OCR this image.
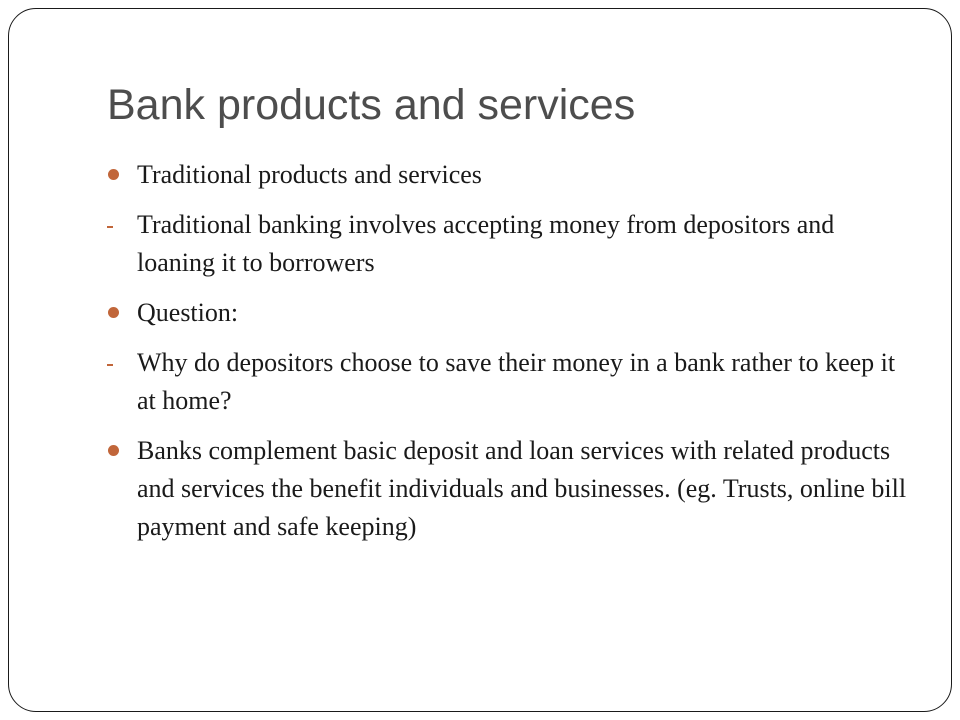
Bank products and services
Traditional products and services
Traditional banking involves accepting money from depositors and loaning it to borrowers
Question:
Why do depositors choose to save their money in a bank rather to keep it at home?
Banks complement basic deposit and loan services with related products and services the benefit individuals and businesses. (eg. Trusts, online bill payment and safe keeping)
